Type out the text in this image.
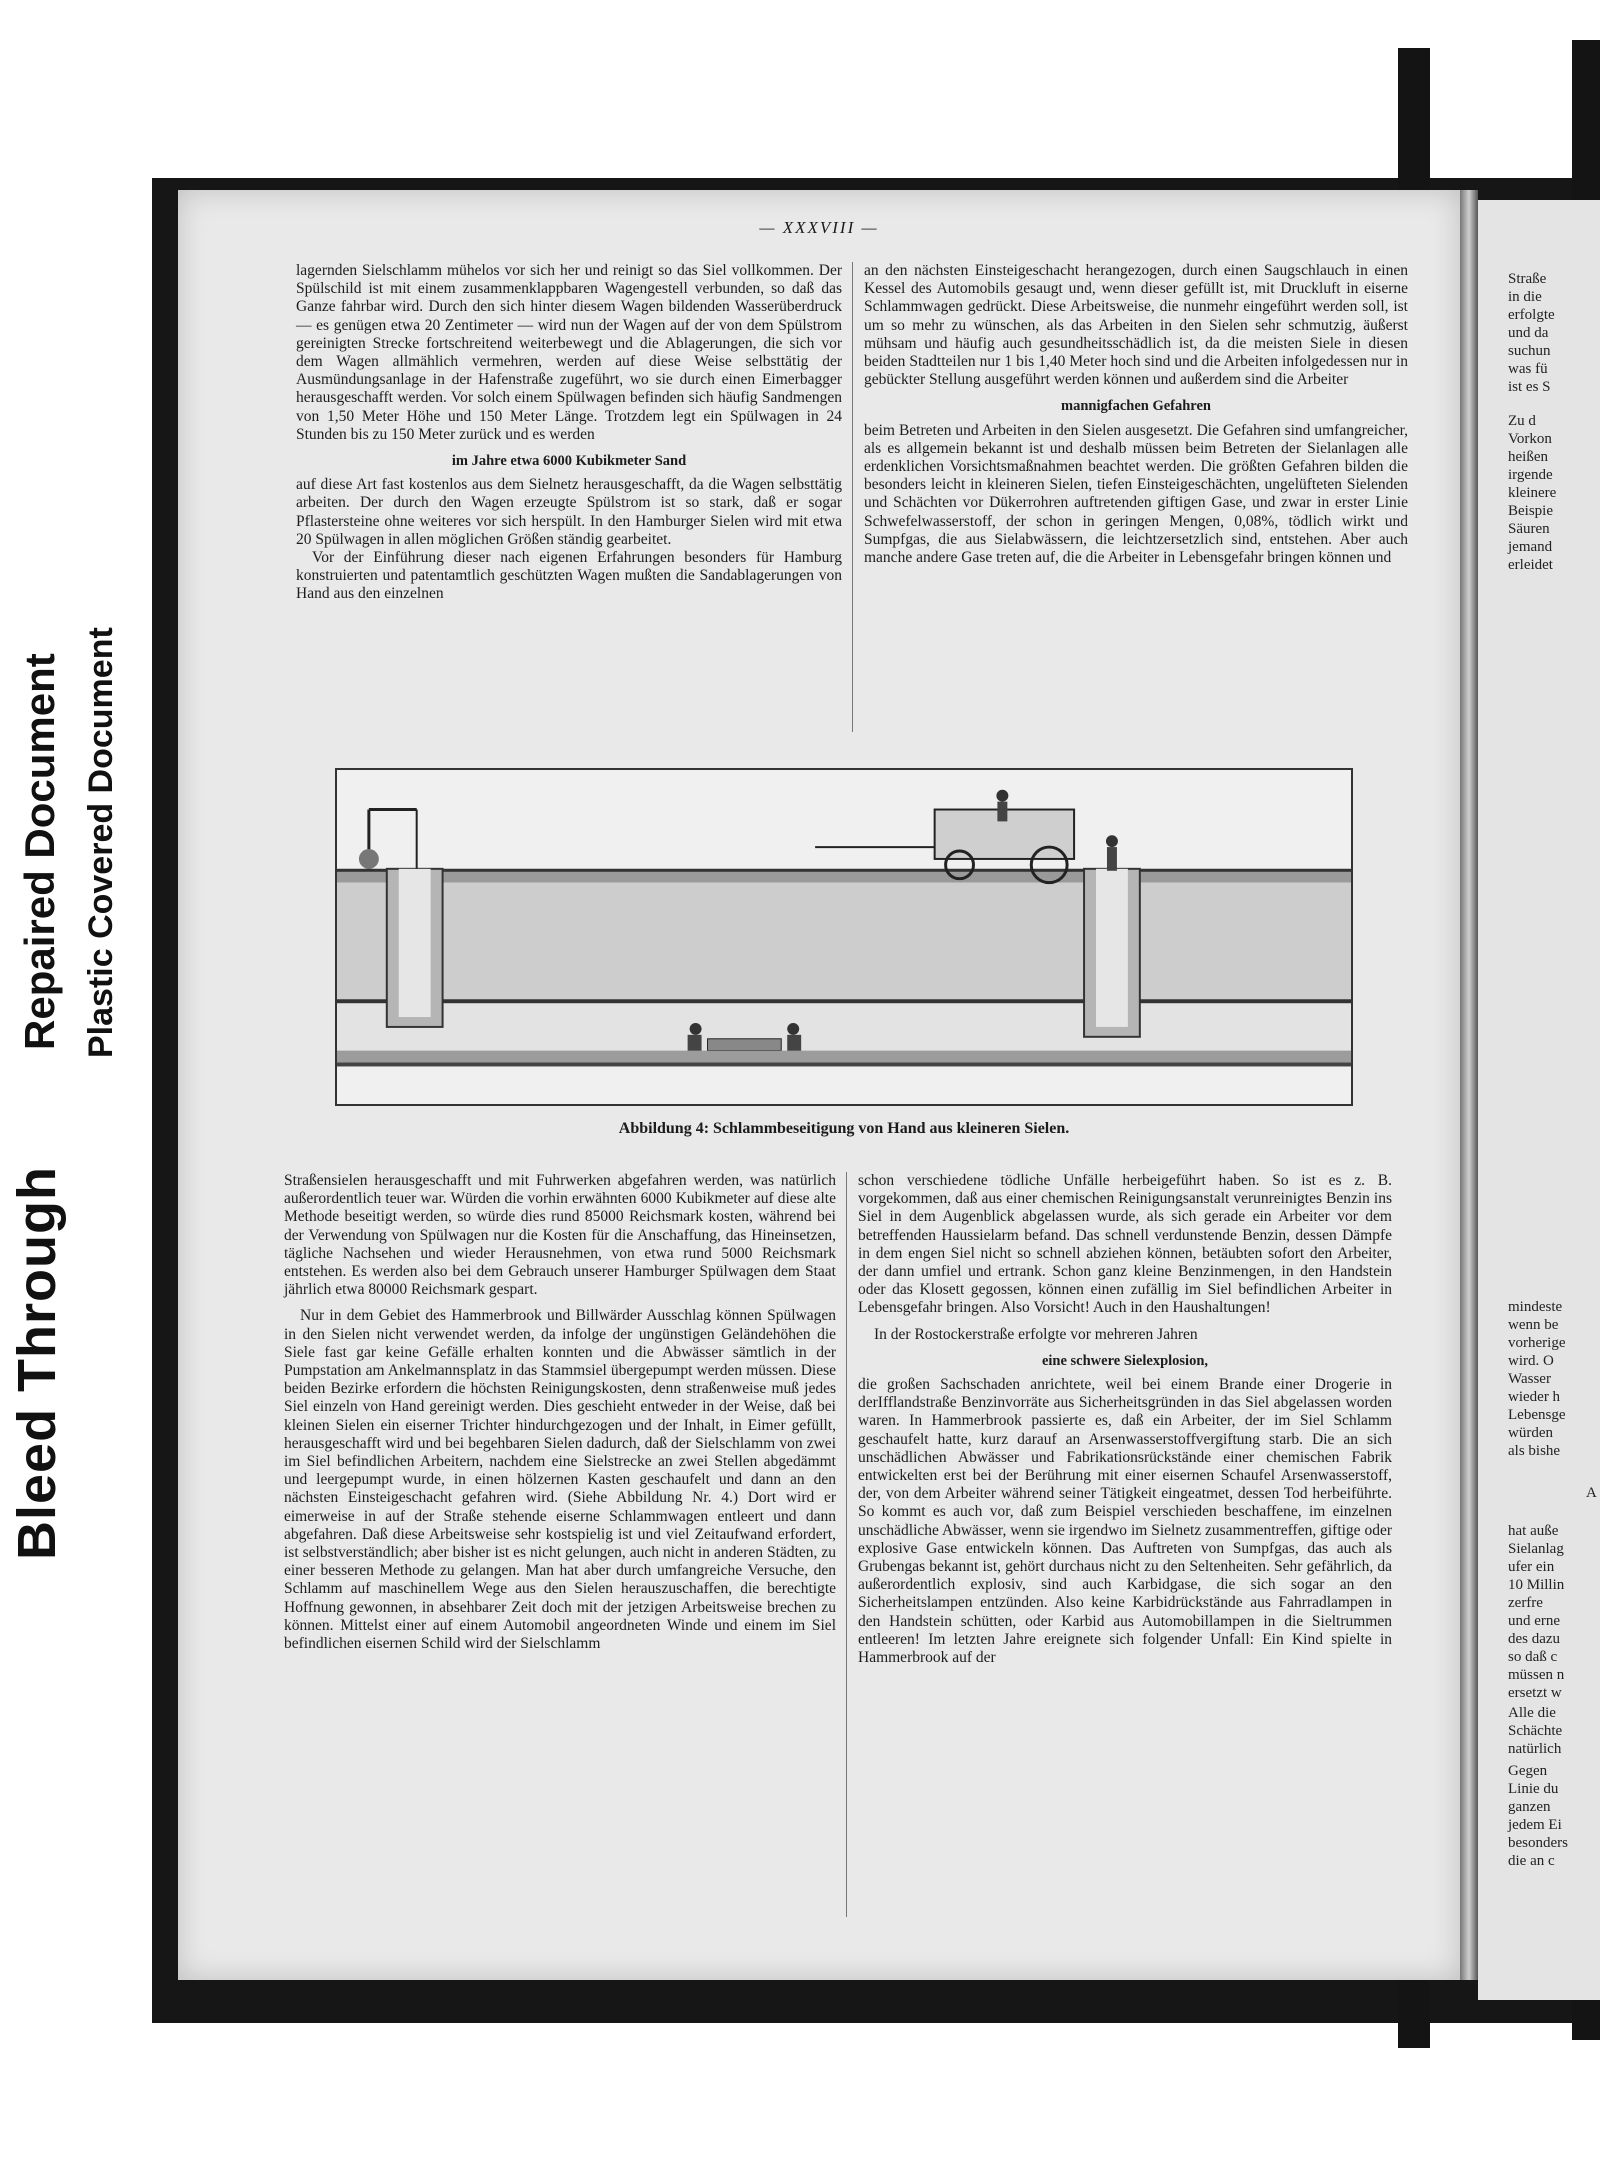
Bleed Through
Repaired Document Plastic Covered Document
Straße
in die
erfolgte
und da
suchun
was fü
ist es S
Zu d
Vorkon
heißen
irgende
kleinere
Beispie
Säuren
jemand
erleidet
mindeste
wenn be
vorherige
wird. O
Wasser
wieder h
Lebensge
würden
als bishe
A
hat auße
Sielanlag
ufer ein
10 Millin
zerfre
und erne
des dazu
so daß c
müssen n
ersetzt w
Alle die
Schächte
natürlich
Gegen
Linie du
ganzen
jedem Ei
besonders
die an c
— XXXVIII —

lagernden Sielschlamm mühelos vor sich her und reinigt so das Siel vollkommen. Der Spülschild ist mit einem zusammenklappbaren Wagengestell verbunden, so daß das Ganze fahrbar wird. Durch den sich hinter diesem Wagen bildenden Wasserüberdruck — es genügen etwa 20 Zentimeter — wird nun der Wagen auf der von dem Spülstrom gereinigten Strecke fortschreitend weiterbewegt und die Ablagerungen, die sich vor dem Wagen allmählich vermehren, werden auf diese Weise selbsttätig der Ausmündungsanlage in der Hafenstraße zugeführt, wo sie durch einen Eimerbagger herausgeschafft werden. Vor solch einem Spülwagen befinden sich häufig Sandmengen von 1,50 Meter Höhe und 150 Meter Länge. Trotzdem legt ein Spülwagen in 24 Stunden bis zu 150 Meter zurück und es werden

im Jahre etwa 6000 Kubikmeter Sand

auf diese Art fast kostenlos aus dem Sielnetz herausgeschafft, da die Wagen selbsttätig arbeiten. Der durch den Wagen erzeugte Spülstrom ist so stark, daß er sogar Pflastersteine ohne weiteres vor sich herspült. In den Hamburger Sielen wird mit etwa 20 Spülwagen in allen möglichen Größen ständig gearbeitet.

Vor der Einführung dieser nach eigenen Erfahrungen besonders für Hamburg konstruierten und patentamtlich geschützten Wagen mußten die Sandablagerungen von Hand aus den einzelnen

an den nächsten Einsteigeschacht herangezogen, durch einen Saugschlauch in einen Kessel des Automobils gesaugt und, wenn dieser gefüllt ist, mit Druckluft in eiserne Schlammwagen gedrückt. Diese Arbeitsweise, die nunmehr eingeführt werden soll, ist um so mehr zu wünschen, als das Arbeiten in den Sielen sehr schmutzig, äußerst mühsam und häufig auch gesundheitsschädlich ist, da die meisten Siele in diesen beiden Stadtteilen nur 1 bis 1,40 Meter hoch sind und die Arbeiten infolgedessen nur in gebückter Stellung ausgeführt werden können und außerdem sind die Arbeiter

mannigfachen Gefahren

beim Betreten und Arbeiten in den Sielen ausgesetzt. Die Gefahren sind umfangreicher, als es allgemein bekannt ist und deshalb müssen beim Betreten der Sielanlagen alle erdenklichen Vorsichtsmaßnahmen beachtet werden. Die größten Gefahren bilden die besonders leicht in kleineren Sielen, tiefen Einsteigeschächten, ungelüfteten Sielenden und Schächten vor Dükerrohren auftretenden giftigen Gase, und zwar in erster Linie Schwefelwasserstoff, der schon in geringen Mengen, 0,08%, tödlich wirkt und Sumpfgas, die aus Sielabwässern, die leichtzersetzlich sind, entstehen. Aber auch manche andere Gase treten auf, die die Arbeiter in Lebensgefahr bringen können und

Abbildung 4: Schlammbeseitigung von Hand aus kleineren Sielen.

Straßensielen herausgeschafft und mit Fuhrwerken abgefahren werden, was natürlich außerordentlich teuer war. Würden die vorhin erwähnten 6000 Kubikmeter auf diese alte Methode beseitigt werden, so würde dies rund 85000 Reichsmark kosten, während bei der Verwendung von Spülwagen nur die Kosten für die Anschaffung, das Hineinsetzen, tägliche Nachsehen und wieder Herausnehmen, von etwa rund 5000 Reichsmark entstehen. Es werden also bei dem Gebrauch unserer Hamburger Spülwagen dem Staat jährlich etwa 80000 Reichsmark gespart.

Nur in dem Gebiet des Hammerbrook und Billwärder Ausschlag können Spülwagen in den Sielen nicht verwendet werden, da infolge der ungünstigen Geländehöhen die Siele fast gar keine Gefälle erhalten konnten und die Abwässer sämtlich in der Pumpstation am Ankelmannsplatz in das Stammsiel übergepumpt werden müssen. Diese beiden Bezirke erfordern die höchsten Reinigungskosten, denn straßenweise muß jedes Siel einzeln von Hand gereinigt werden. Dies geschieht entweder in der Weise, daß bei kleinen Sielen ein eiserner Trichter hindurchgezogen und der Inhalt, in Eimer gefüllt, herausgeschafft wird und bei begehbaren Sielen dadurch, daß der Sielschlamm von zwei im Siel befindlichen Arbeitern, nachdem eine Sielstrecke an zwei Stellen abgedämmt und leergepumpt wurde, in einen hölzernen Kasten geschaufelt und dann an den nächsten Einsteigeschacht gefahren wird. (Siehe Abbildung Nr. 4.) Dort wird er eimerweise in auf der Straße stehende eiserne Schlammwagen entleert und dann abgefahren. Daß diese Arbeitsweise sehr kostspielig ist und viel Zeitaufwand erfordert, ist selbstverständlich; aber bisher ist es nicht gelungen, auch nicht in anderen Städten, zu einer besseren Methode zu gelangen. Man hat aber durch umfangreiche Versuche, den Schlamm auf maschinellem Wege aus den Sielen herauszuschaffen, die berechtigte Hoffnung gewonnen, in absehbarer Zeit doch mit der jetzigen Arbeitsweise brechen zu können. Mittelst einer auf einem Automobil angeordneten Winde und einem im Siel befindlichen eisernen Schild wird der Sielschlamm

schon verschiedene tödliche Unfälle herbeigeführt haben. So ist es z. B. vorgekommen, daß aus einer chemischen Reinigungsanstalt verunreinigtes Benzin ins Siel in dem Augenblick abgelassen wurde, als sich gerade ein Arbeiter vor dem betreffenden Haussielarm befand. Das schnell verdunstende Benzin, dessen Dämpfe in dem engen Siel nicht so schnell abziehen können, betäubten sofort den Arbeiter, der dann umfiel und ertrank. Schon ganz kleine Benzinmengen, in den Handstein oder das Klosett gegossen, können einen zufällig im Siel befindlichen Arbeiter in Lebensgefahr bringen. Also Vorsicht! Auch in den Haushaltungen!

In der Rostockerstraße erfolgte vor mehreren Jahren

eine schwere Sielexplosion,

die großen Sachschaden anrichtete, weil bei einem Brande einer Drogerie in derIfflandstraße Benzinvorräte aus Sicherheitsgründen in das Siel abgelassen worden waren. In Hammerbrook passierte es, daß ein Arbeiter, der im Siel Schlamm geschaufelt hatte, kurz darauf an Arsenwasserstoffvergiftung starb. Die an sich unschädlichen Abwässer und Fabrikationsrückstände einer chemischen Fabrik entwickelten erst bei der Berührung mit einer eisernen Schaufel Arsenwasserstoff, der, von dem Arbeiter während seiner Tätigkeit eingeatmet, dessen Tod herbeiführte. So kommt es auch vor, daß zum Beispiel verschieden beschaffene, im einzelnen unschädliche Abwässer, wenn sie irgendwo im Sielnetz zusammentreffen, giftige oder explosive Gase entwickeln können. Das Auftreten von Sumpfgas, das auch als Grubengas bekannt ist, gehört durchaus nicht zu den Seltenheiten. Sehr gefährlich, da außerordentlich explosiv, sind auch Karbidgase, die sich sogar an den Sicherheitslampen entzünden. Also keine Karbidrückstände aus Fahrradlampen in den Handstein schütten, oder Karbid aus Automobillampen in die Sieltrummen entleeren! Im letzten Jahre ereignete sich folgender Unfall: Ein Kind spielte in Hammerbrook auf der
